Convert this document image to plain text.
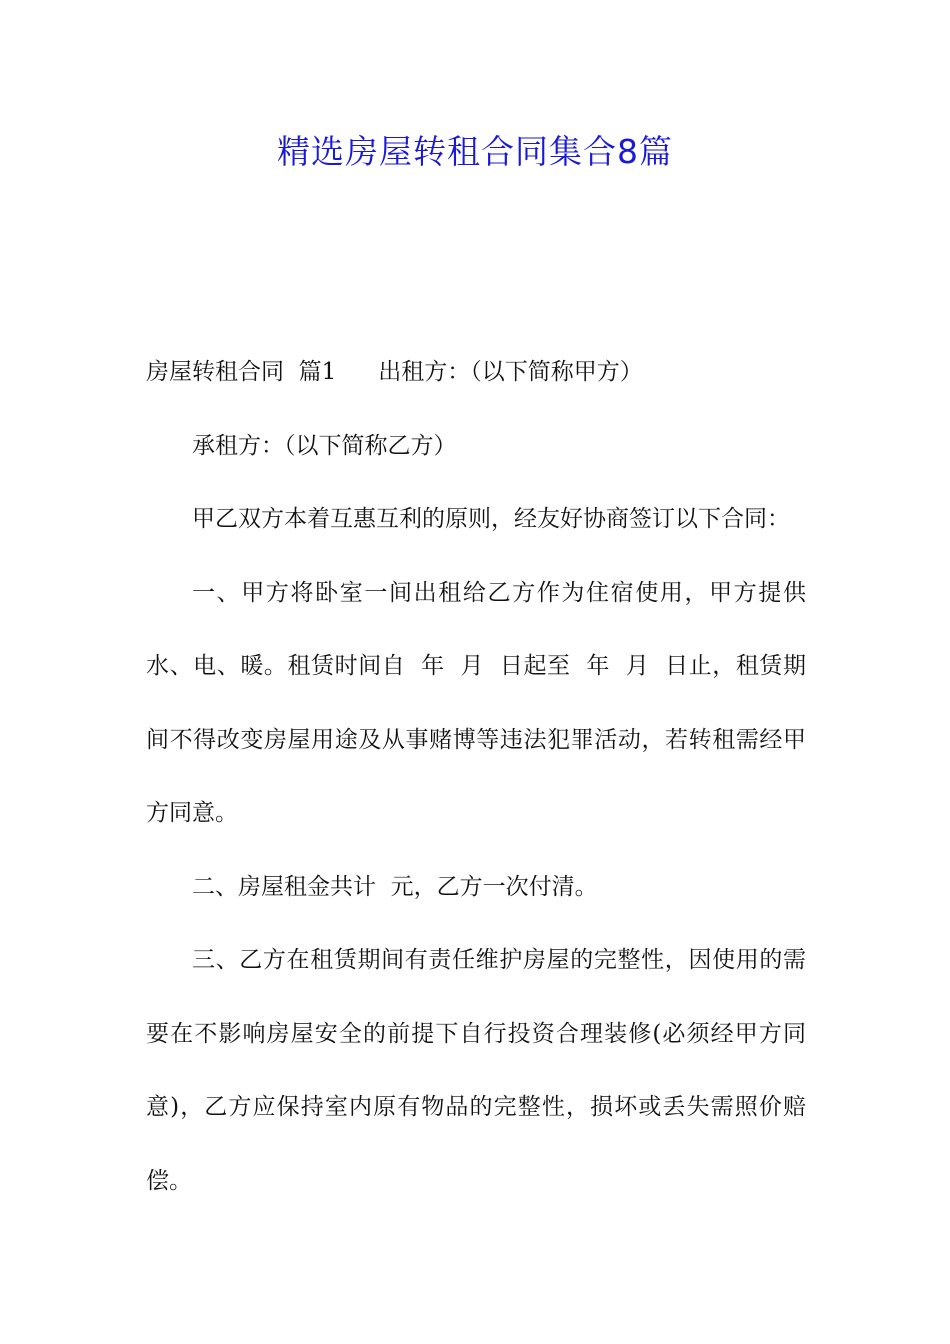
精选房屋转租合同集合8篇

房屋转租合同  篇1 出租方：（以下简称甲方）

承租方：（以下简称乙方）

甲乙双方本着互惠互利的原则，经友好协商签订以下合同：

一、甲方将卧室一间出租给乙方作为住宿使用，甲方提供水、电、暖。租赁时间自  年  月  日起至  年  月  日止，租赁期间不得改变房屋用途及从事赌博等违法犯罪活动，若转租需经甲方同意。

二、房屋租金共计  元，乙方一次付清。

三、乙方在租赁期间有责任维护房屋的完整性，因使用的需要在不影响房屋安全的前提下自行投资合理装修(必须经甲方同意)，乙方应保持室内原有物品的完整性，损坏或丢失需照价赔偿。
